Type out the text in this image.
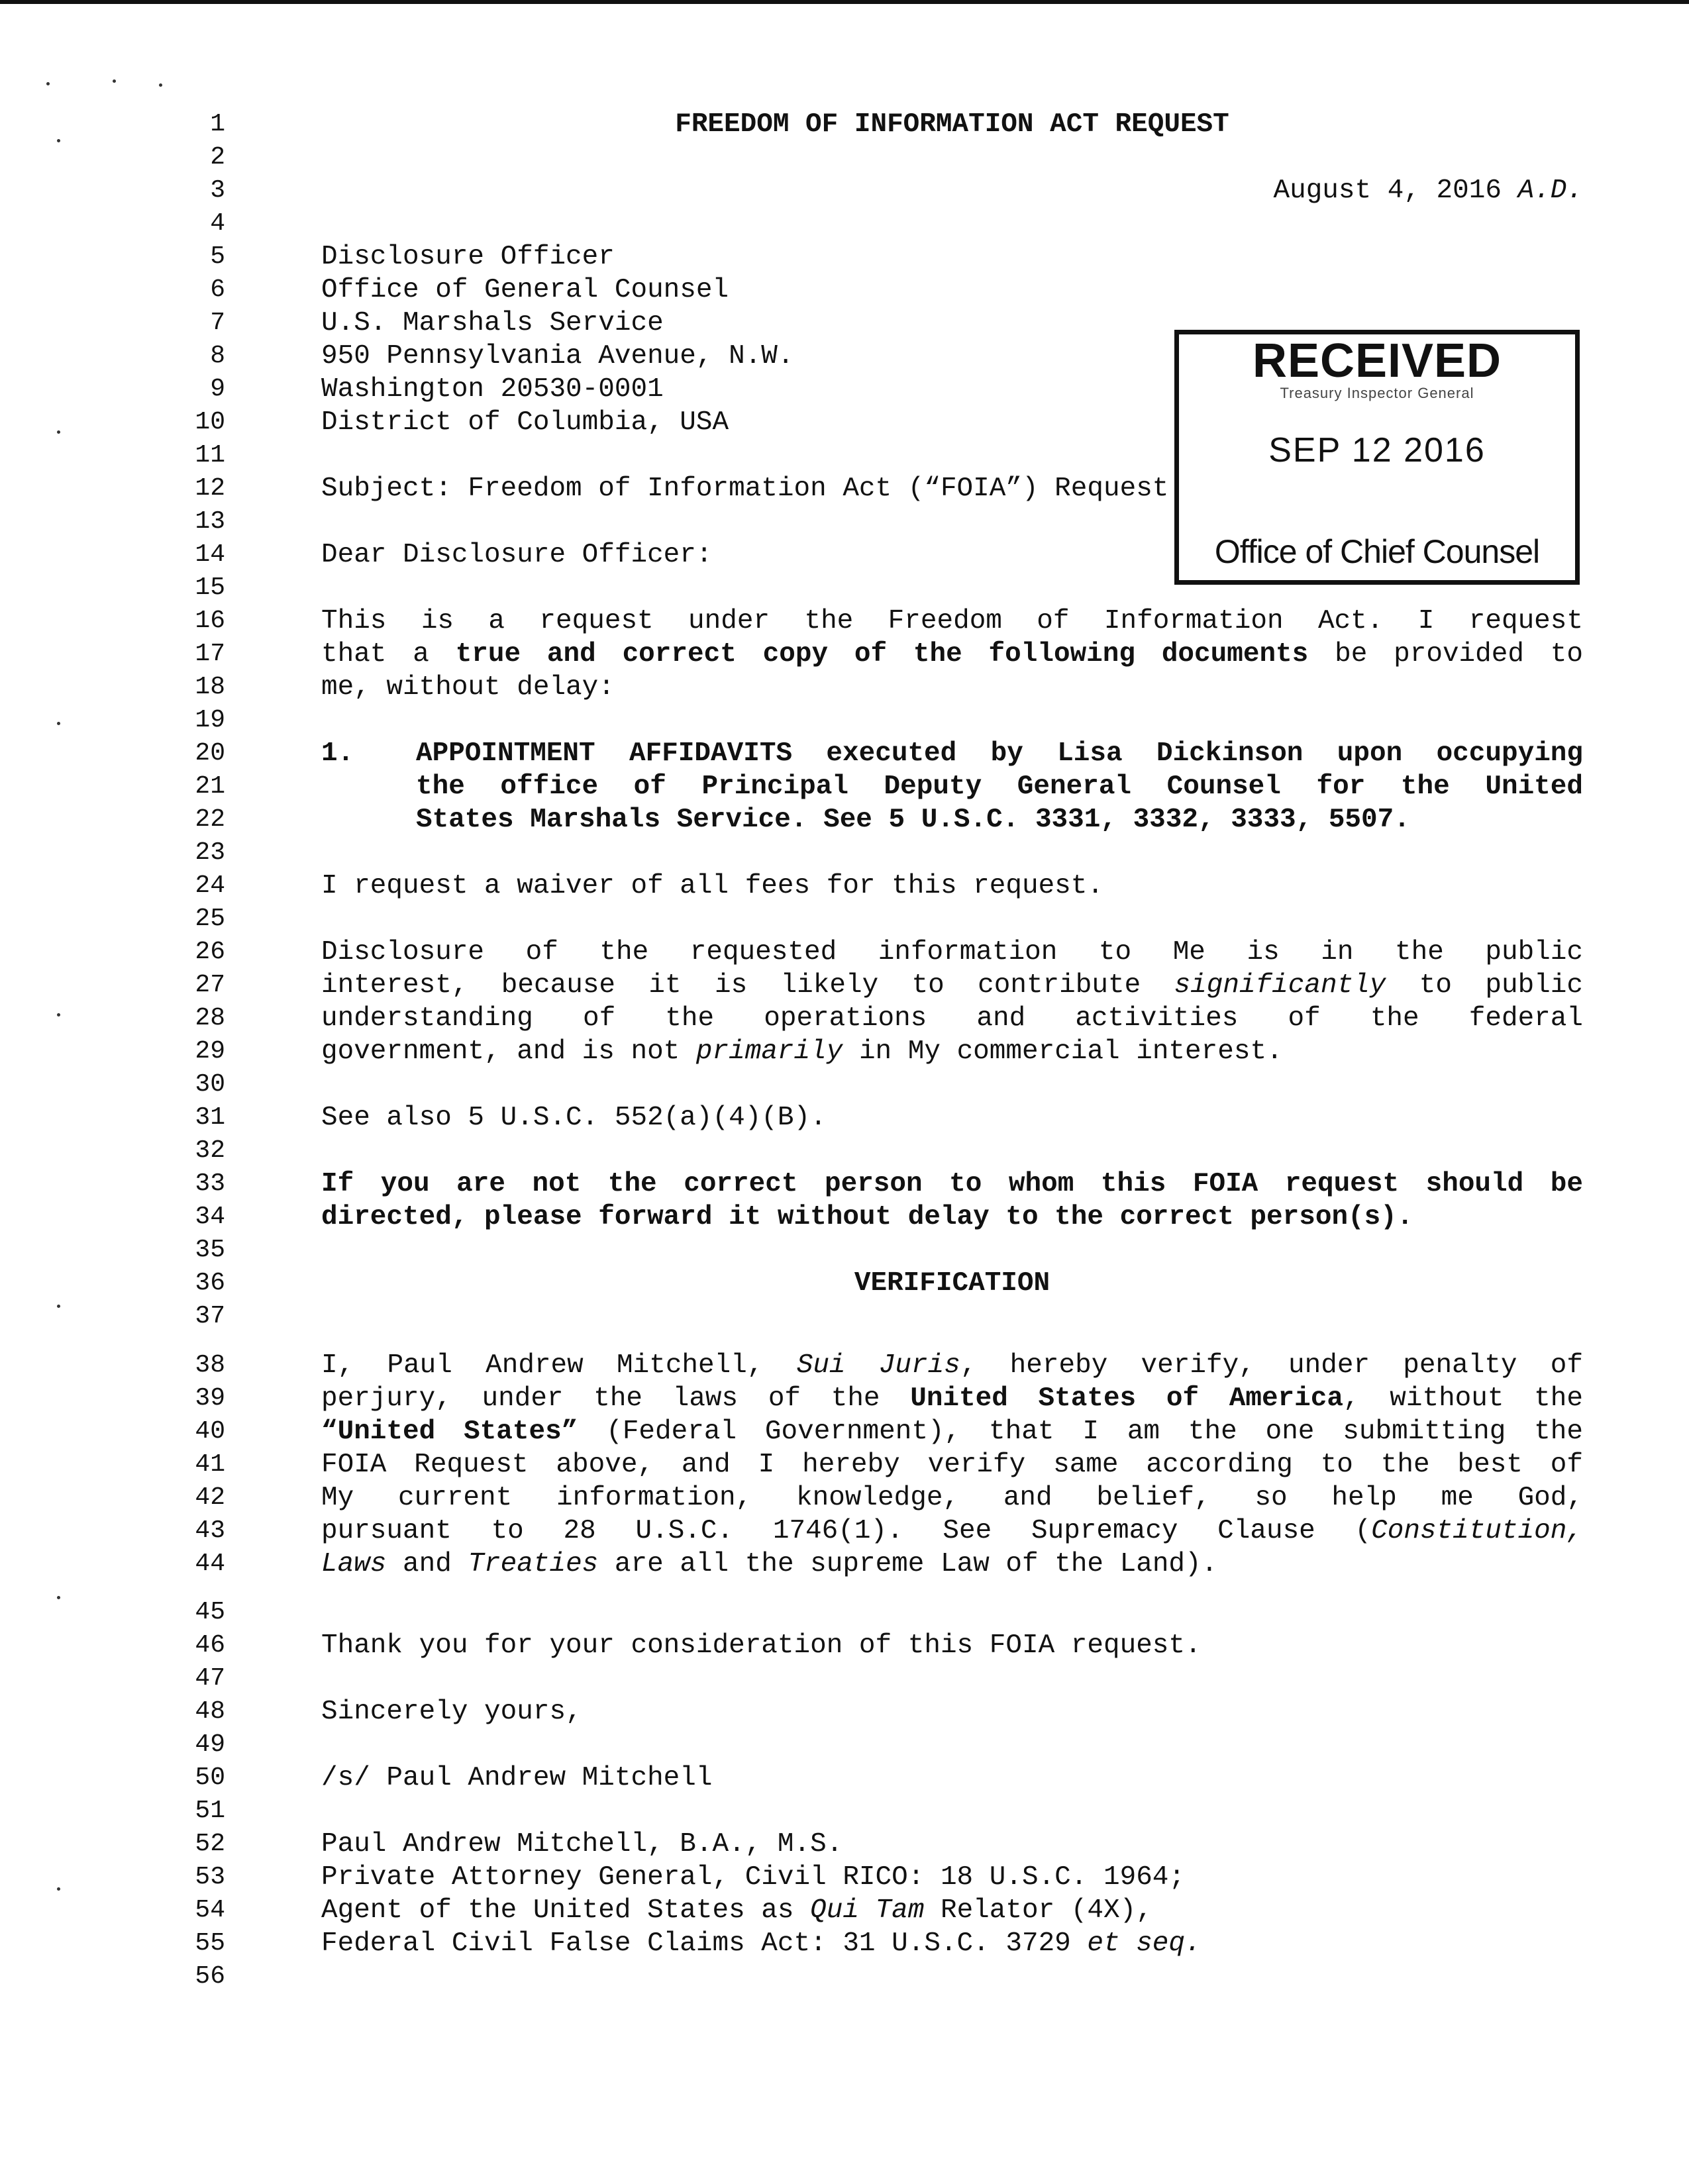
1	FREEDOM OF INFORMATION ACT REQUEST
2
3	August 4, 2016 A.D.
4
5	Disclosure Officer
6	Office of General Counsel
7	U.S. Marshals Service
8	950 Pennsylvania Avenue, N.W.
9	Washington 20530-0001
10	District of Columbia, USA
11
12	Subject: Freedom of Information Act (“FOIA”) Request
13
14	Dear Disclosure Officer:
15
16	This is a request under the Freedom of Information Act. I request
17	that a true and correct copy of the following documents be provided to
18	me, without delay:
19
20	1. APPOINTMENT AFFIDAVITS executed by Lisa Dickinson upon occupying
21	the office of Principal Deputy General Counsel for the United
22	States Marshals Service. See 5 U.S.C. 3331, 3332, 3333, 5507.
23
24	I request a waiver of all fees for this request.
25
26	Disclosure of the requested information to Me is in the public
27	interest, because it is likely to contribute significantly to public
28	understanding of the operations and activities of the federal
29	government, and is not primarily in My commercial interest.
30
31	See also 5 U.S.C. 552(a)(4)(B).
32
33	If you are not the correct person to whom this FOIA request should be
34	directed, please forward it without delay to the correct person(s).
35
36	VERIFICATION
37
38	I, Paul Andrew Mitchell, Sui Juris, hereby verify, under penalty of
39	perjury, under the laws of the United States of America, without the
40	“United States” (Federal Government), that I am the one submitting the
41	FOIA Request above, and I hereby verify same according to the best of
42	My current information, knowledge, and belief, so help me God,
43	pursuant to 28 U.S.C. 1746(1). See Supremacy Clause (Constitution,
44	Laws and Treaties are all the supreme Law of the Land).
45
46	Thank you for your consideration of this FOIA request.
47
48	Sincerely yours,
49
50	/s/ Paul Andrew Mitchell
51
52	Paul Andrew Mitchell, B.A., M.S.
53	Private Attorney General, Civil RICO: 18 U.S.C. 1964;
54	Agent of the United States as Qui Tam Relator (4X),
55	Federal Civil False Claims Act: 31 U.S.C. 3729 et seq.
56
RECEIVED
Treasury Inspector General
SEP 12 2016
Office of Chief Counsel
